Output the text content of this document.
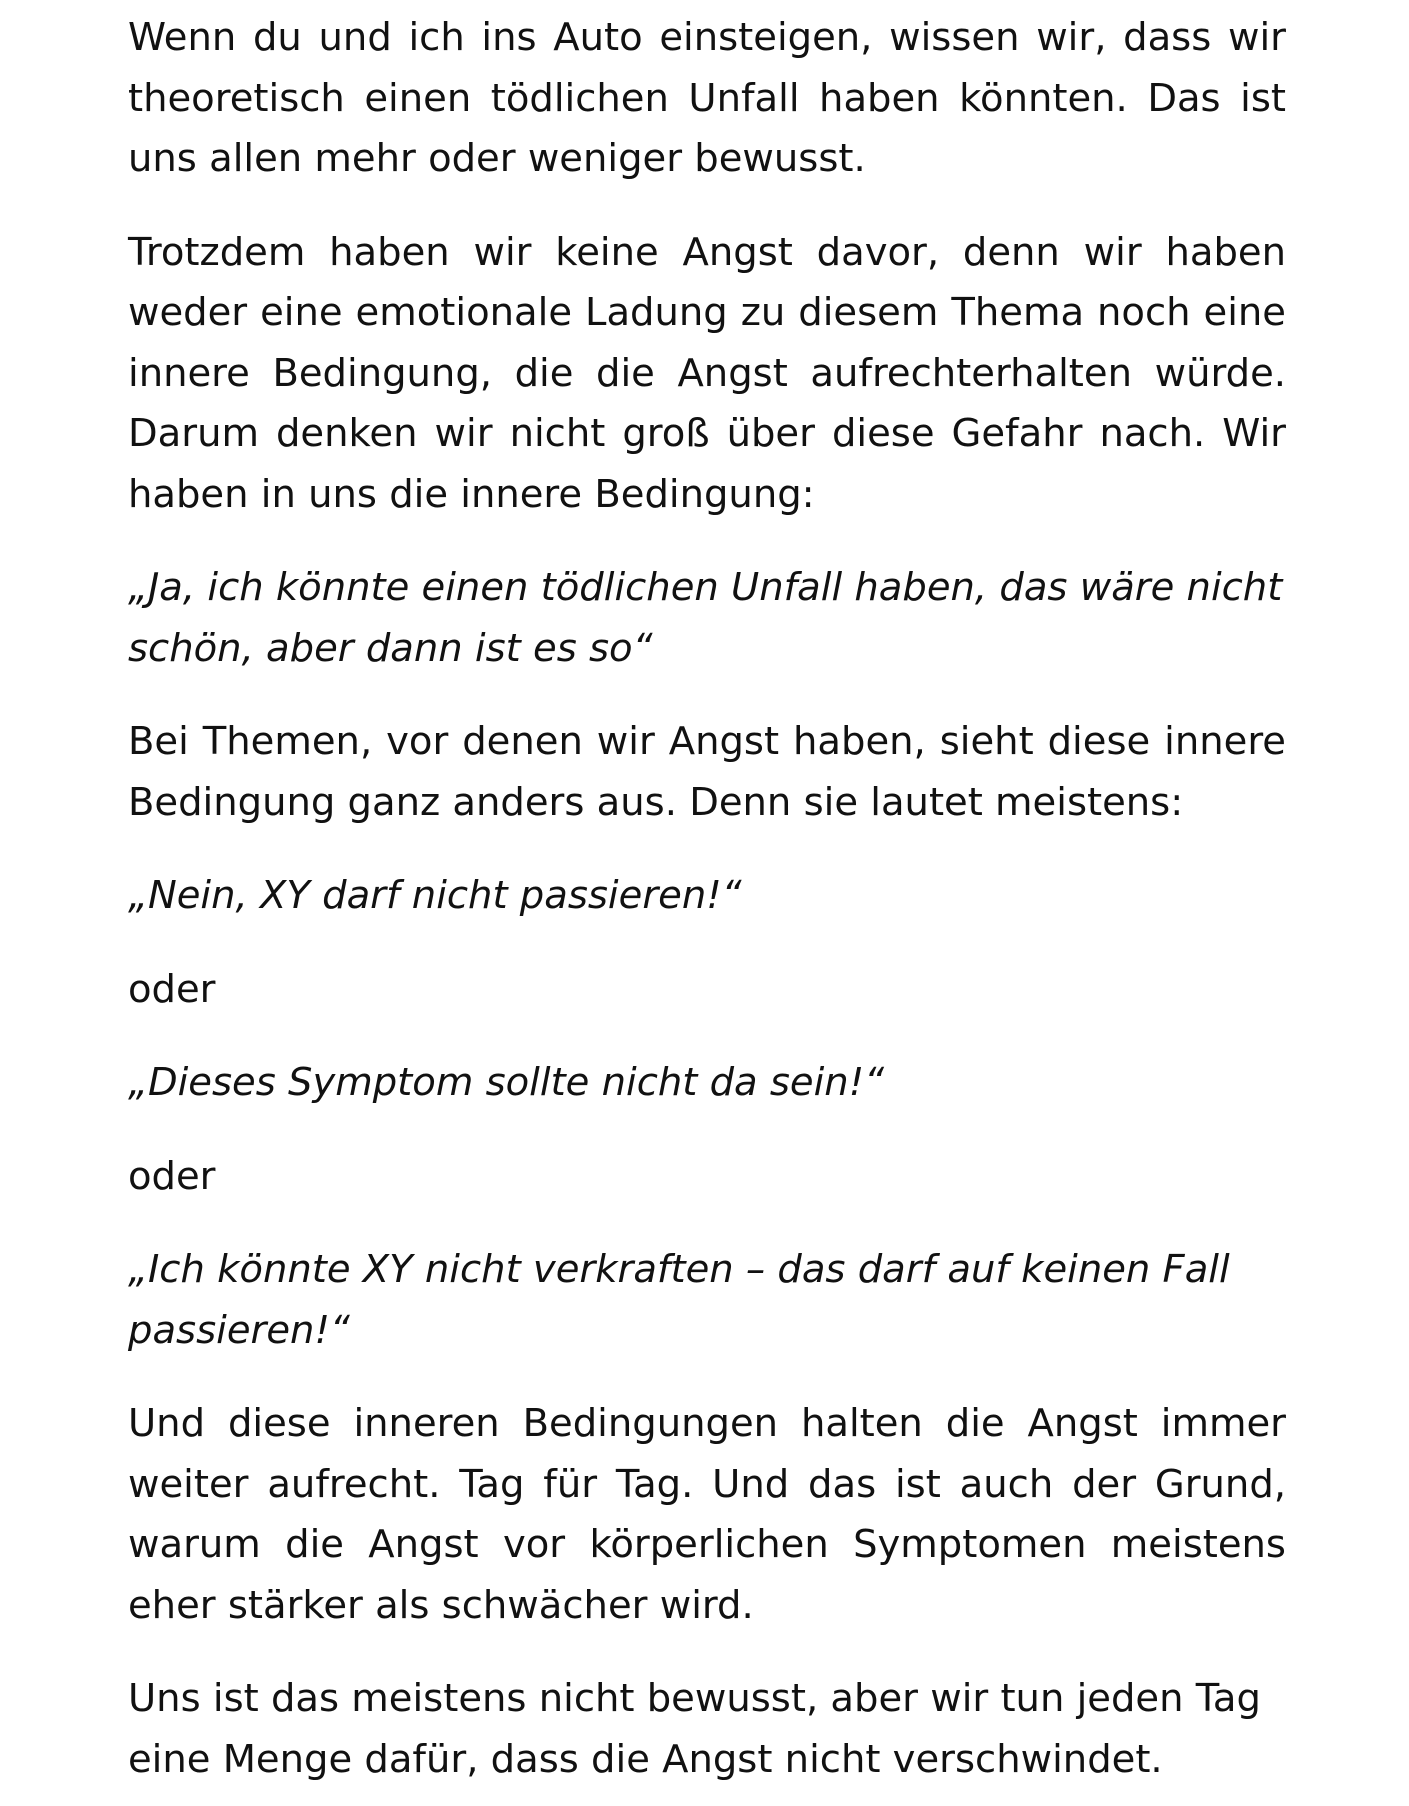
Wenn du und ich ins Auto einsteigen, wissen wir, dass wir theoretisch einen tödlichen Unfall haben könnten. Das ist uns allen mehr oder weniger bewusst.

Trotzdem haben wir keine Angst davor, denn wir haben weder eine emotionale Ladung zu diesem Thema noch eine innere Bedingung, die die Angst aufrechterhalten würde. Darum denken wir nicht groß über diese Gefahr nach. Wir haben in uns die innere Bedingung:

„Ja, ich könnte einen tödlichen Unfall haben, das wäre nicht schön, aber dann ist es so“

Bei Themen, vor denen wir Angst haben, sieht diese innere Bedingung ganz anders aus. Denn sie lautet meistens:

„Nein, XY darf nicht passieren!“

oder

„Dieses Symptom sollte nicht da sein!“

oder

„Ich könnte XY nicht verkraften – das darf auf keinen Fall passieren!“

Und diese inneren Bedingungen halten die Angst immer weiter aufrecht. Tag für Tag. Und das ist auch der Grund, warum die Angst vor körperlichen Symptomen meistens eher stärker als schwächer wird.

Uns ist das meistens nicht bewusst, aber wir tun jeden Tag eine Menge dafür, dass die Angst nicht verschwindet.
